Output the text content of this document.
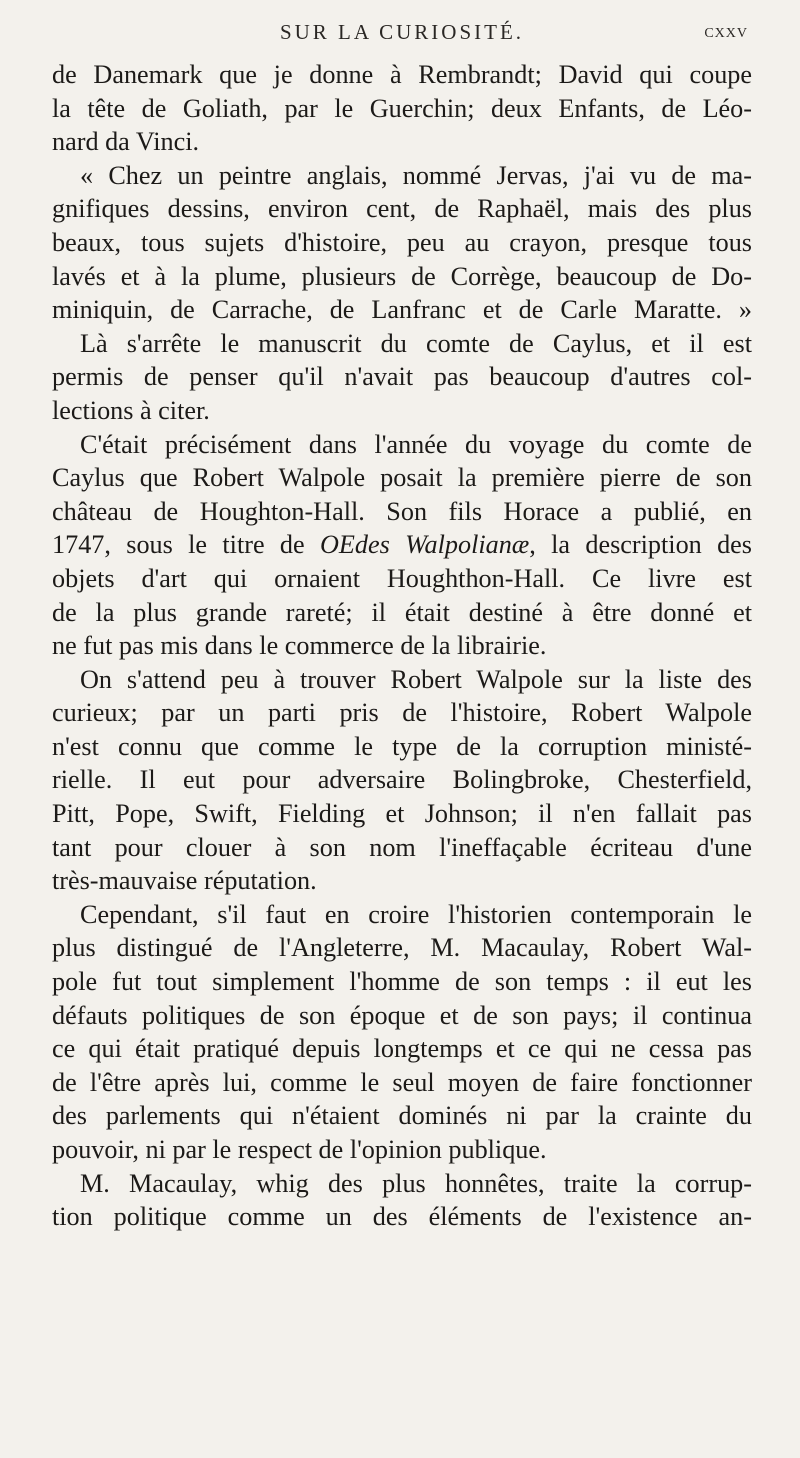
SUR LA CURIOSITÉ.	CXXV
de Danemark que je donne à Rembrandt; David qui coupe
la tête de Goliath, par le Guerchin; deux Enfants, de Léo-
nard da Vinci.
« Chez un peintre anglais, nommé Jervas, j'ai vu de ma-
gnifiques dessins, environ cent, de Raphaël, mais des plus
beaux, tous sujets d'histoire, peu au crayon, presque tous
lavés et à la plume, plusieurs de Corrège, beaucoup de Do-
miniquin, de Carrache, de Lanfranc et de Carle Maratte. »
Là s'arrête le manuscrit du comte de Caylus, et il est
permis de penser qu'il n'avait pas beaucoup d'autres col-
lections à citer.
C'était précisément dans l'année du voyage du comte de
Caylus que Robert Walpole posait la première pierre de son
château de Houghton-Hall. Son fils Horace a publié, en
1747, sous le titre de OEdes Walpolianæ, la description des
objets d'art qui ornaient Houghthon-Hall. Ce livre est
de la plus grande rareté; il était destiné à être donné et
ne fut pas mis dans le commerce de la librairie.
On s'attend peu à trouver Robert Walpole sur la liste des
curieux; par un parti pris de l'histoire, Robert Walpole
n'est connu que comme le type de la corruption ministé-
rielle. Il eut pour adversaire Bolingbroke, Chesterfield,
Pitt, Pope, Swift, Fielding et Johnson; il n'en fallait pas
tant pour clouer à son nom l'ineffaçable écriteau d'une
très-mauvaise réputation.
Cependant, s'il faut en croire l'historien contemporain le
plus distingué de l'Angleterre, M. Macaulay, Robert Wal-
pole fut tout simplement l'homme de son temps : il eut les
défauts politiques de son époque et de son pays; il continua
ce qui était pratiqué depuis longtemps et ce qui ne cessa pas
de l'être après lui, comme le seul moyen de faire fonctionner
des parlements qui n'étaient dominés ni par la crainte du
pouvoir, ni par le respect de l'opinion publique.
M. Macaulay, whig des plus honnêtes, traite la corrup-
tion politique comme un des éléments de l'existence an-
